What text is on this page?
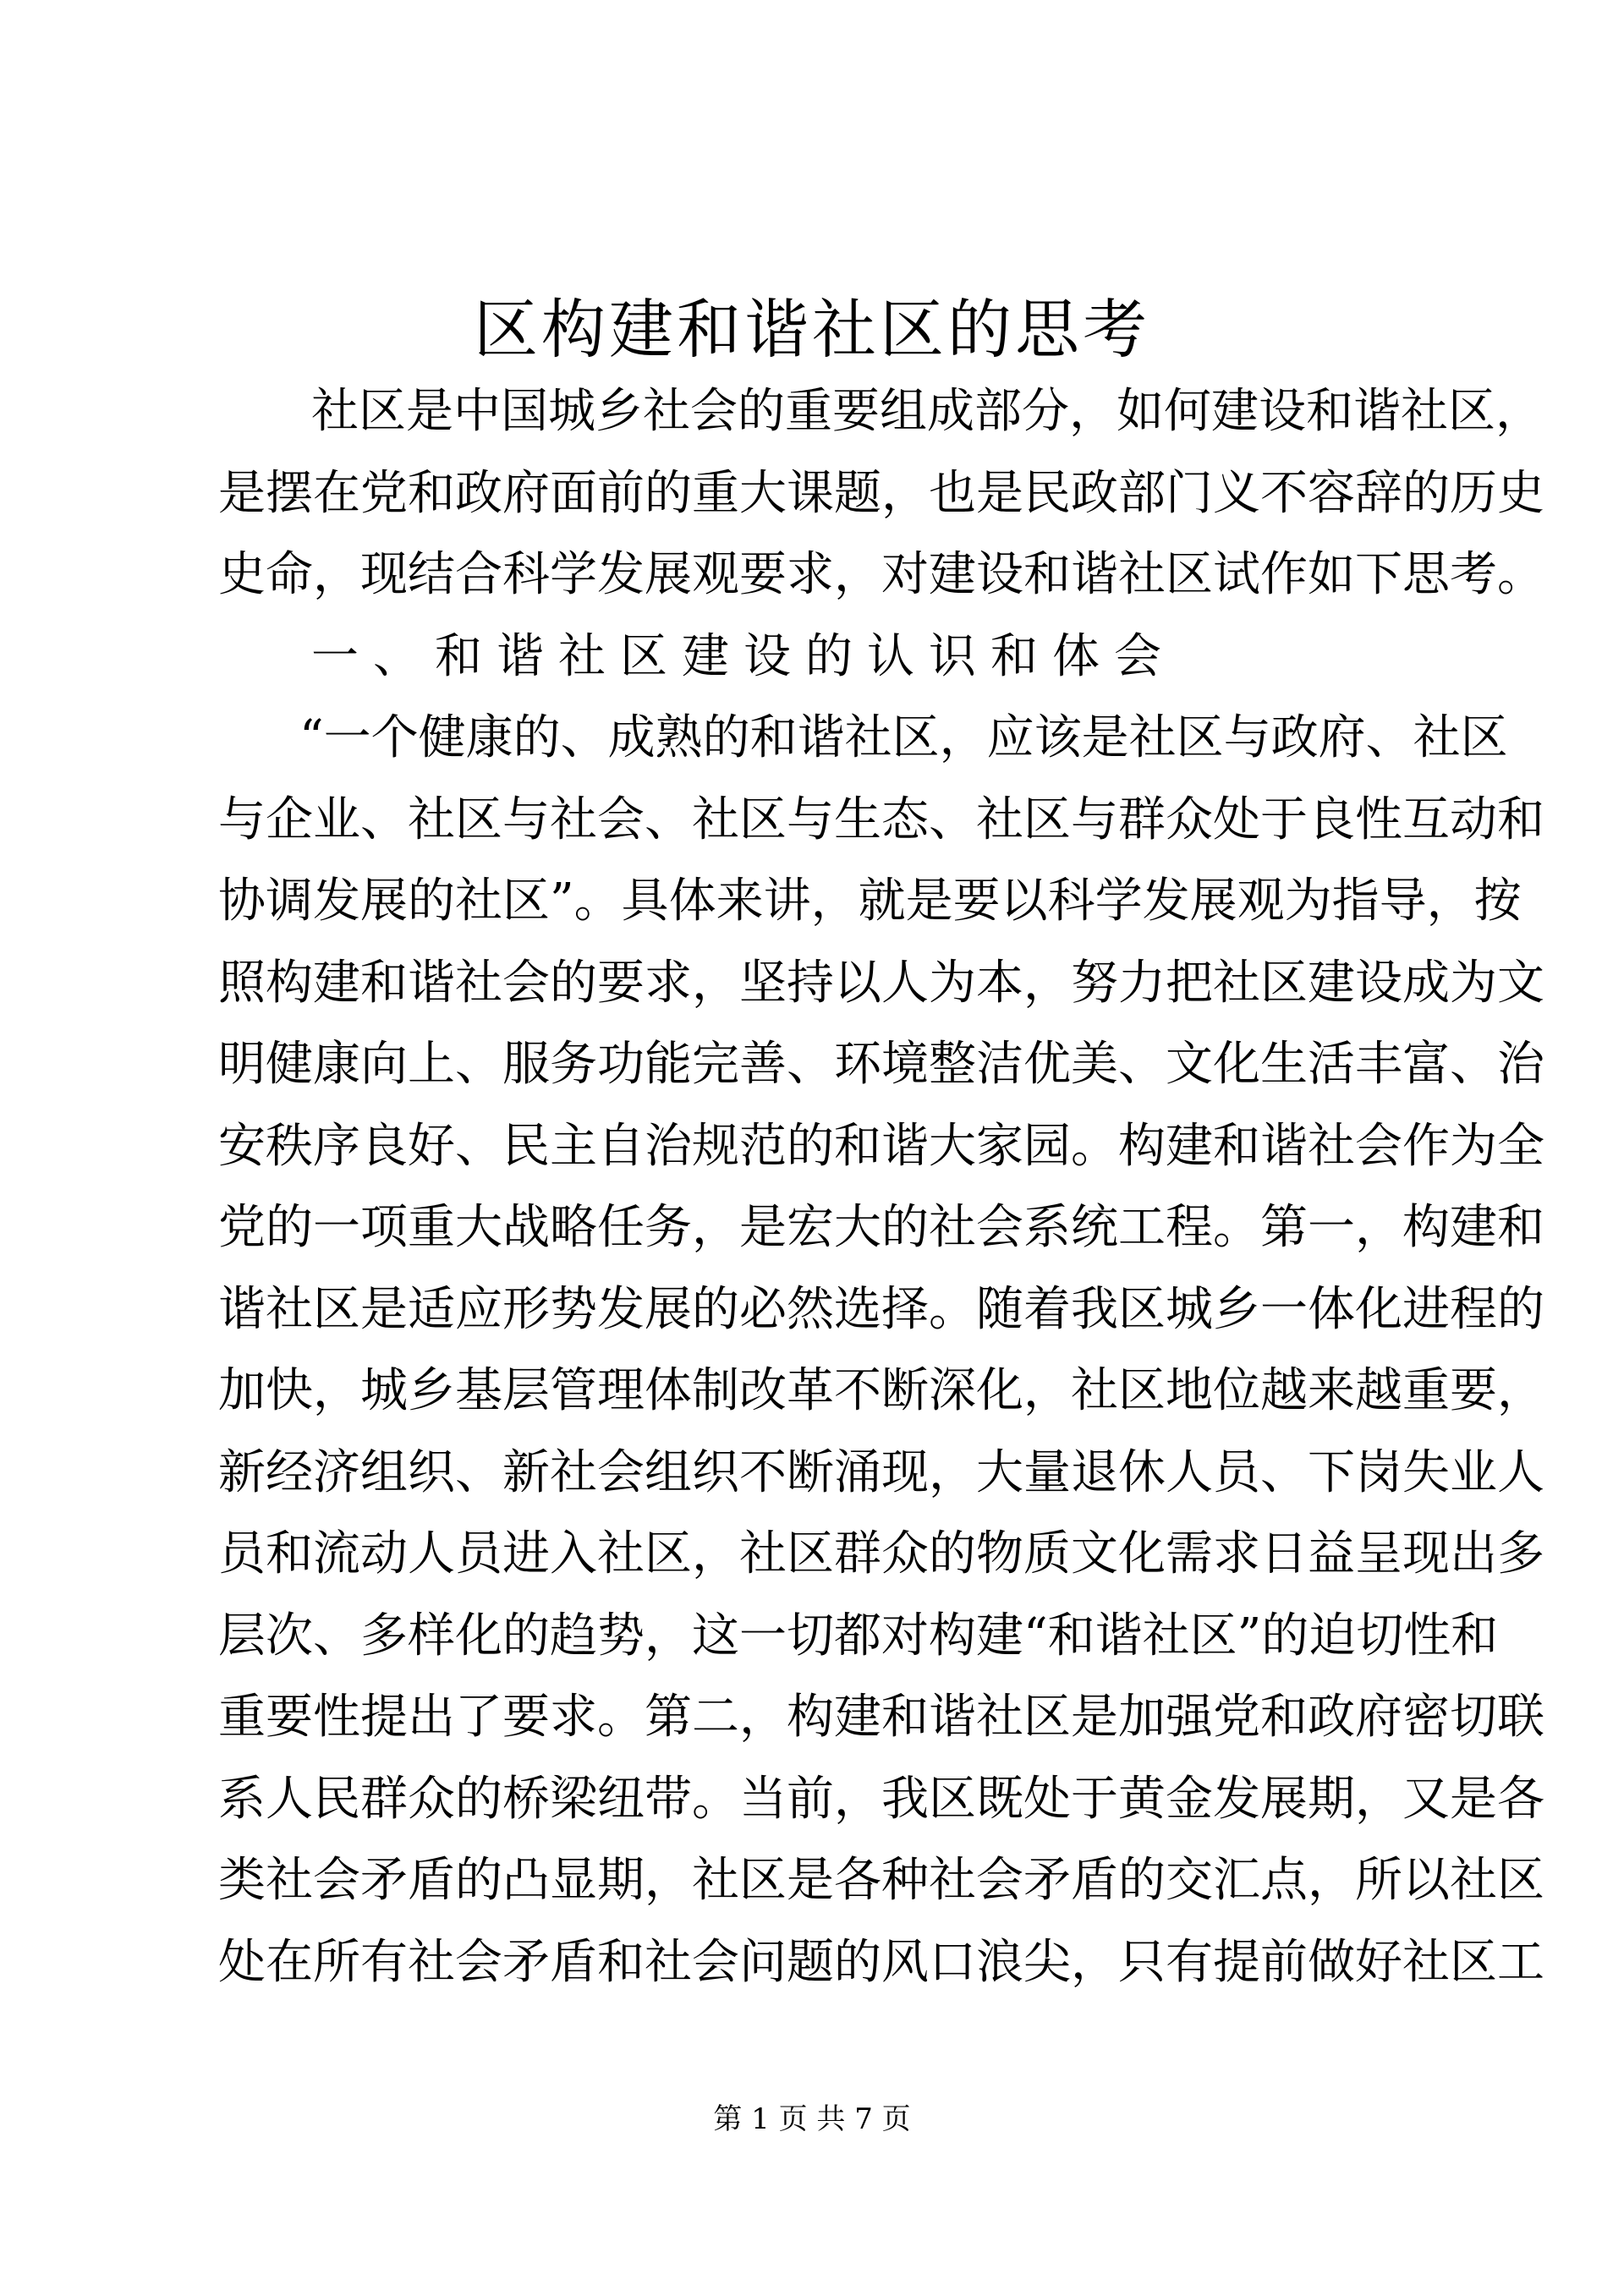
区构建和谐社区的思考
社区是中国城乡社会的重要组成部分，如何建设和谐社区，
是摆在党和政府面前的重大课题，也是民政部门义不容辞的历史
史命，现结合科学发展观要求，对建设和谐社区试作如下思考。
一、和谐社区建设的认识和体会
“一个健康的、成熟的和谐社区，应该是社区与政府、社区
与企业、社区与社会、社区与生态、社区与群众处于良性互动和
协调发展的社区”。具体来讲，就是要以科学发展观为指导，按
照构建和谐社会的要求，坚持以人为本，努力把社区建设成为文
明健康向上、服务功能完善、环境整洁优美、文化生活丰富、治
安秩序良好、民主自治规范的和谐大家园。构建和谐社会作为全
党的一项重大战略任务，是宏大的社会系统工程。第一，构建和
谐社区是适应形势发展的必然选择。随着我区城乡一体化进程的
加快，城乡基层管理体制改革不断深化，社区地位越来越重要，
新经济组织、新社会组织不断涌现，大量退休人员、下岗失业人
员和流动人员进入社区，社区群众的物质文化需求日益呈现出多
层次、多样化的趋势，这一切都对构建“和谐社区”的迫切性和
重要性提出了要求。第二，构建和谐社区是加强党和政府密切联
系人民群众的桥梁纽带。当前，我区既处于黄金发展期，又是各
类社会矛盾的凸显期，社区是各种社会矛盾的交汇点，所以社区
处在所有社会矛盾和社会问题的风口浪尖，只有提前做好社区工
第 1 页 共 7 页
